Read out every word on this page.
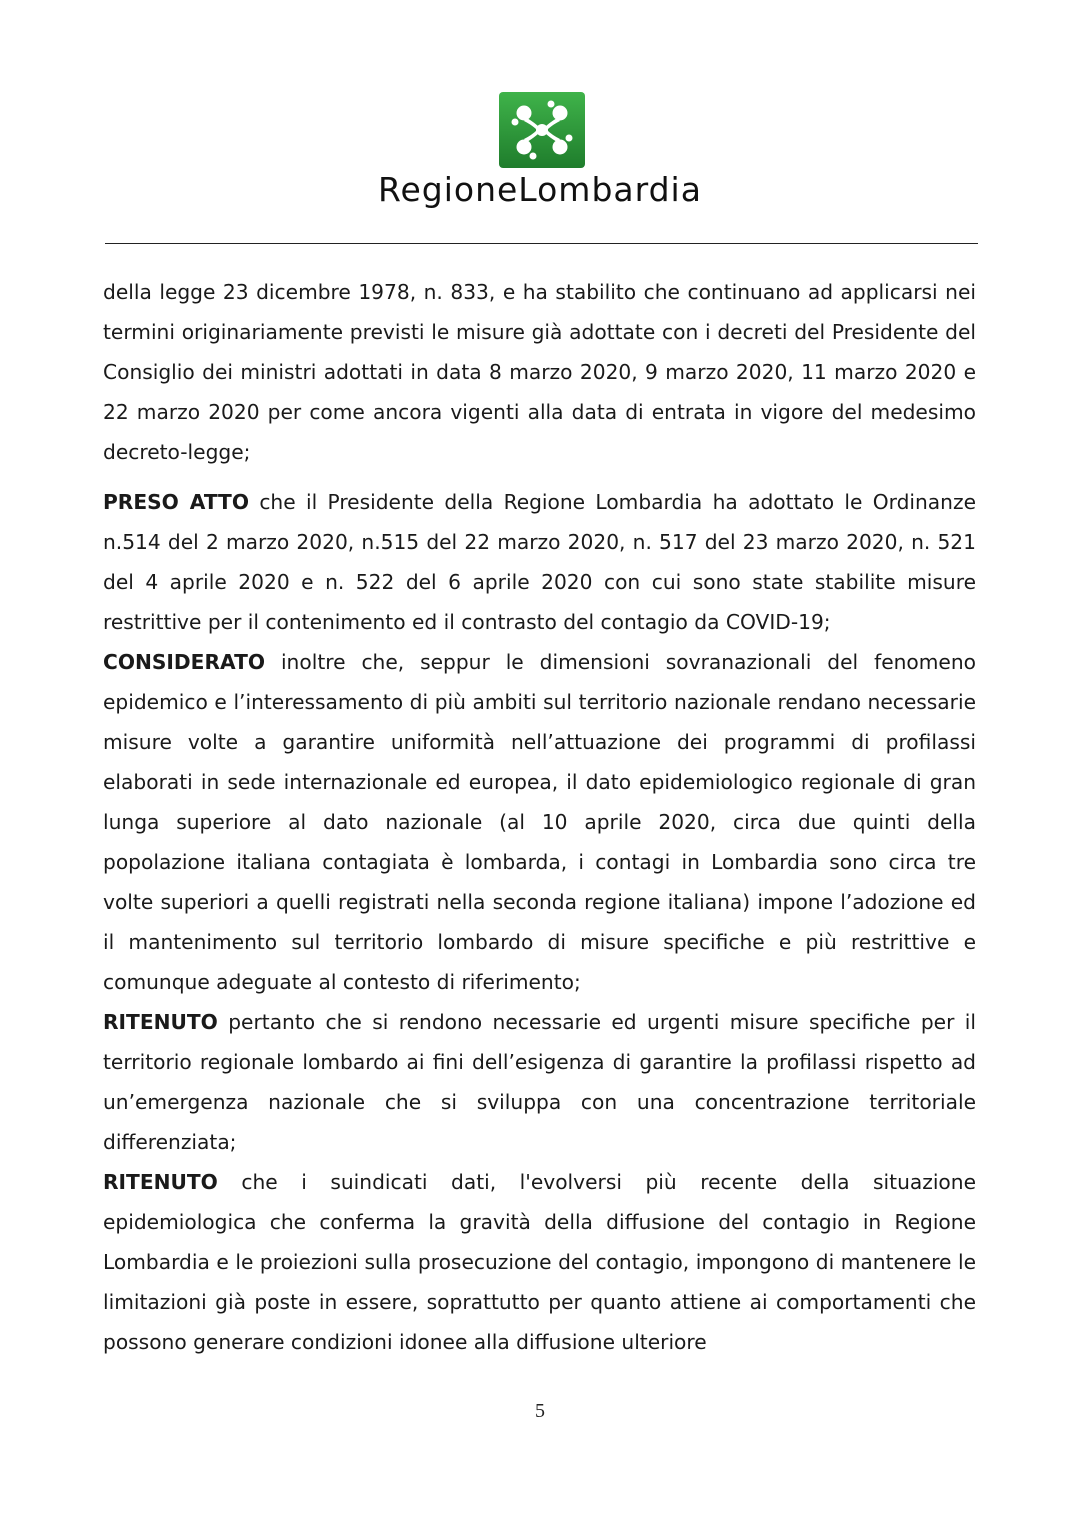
RegioneLombardia

della legge 23 dicembre 1978, n. 833, e ha stabilito che continuano ad applicarsi nei termini originariamente previsti le misure già adottate con i decreti del Presidente del Consiglio dei ministri adottati in data 8 marzo 2020, 9 marzo 2020, 11 marzo 2020 e 22 marzo 2020 per come ancora vigenti alla data di entrata in vigore del medesimo decreto-legge;

PRESO ATTO che il Presidente della Regione Lombardia ha adottato le Ordinanze n.514 del 2 marzo 2020, n.515 del 22 marzo 2020, n. 517 del 23 marzo 2020, n. 521 del 4 aprile 2020 e n. 522 del 6 aprile 2020 con cui sono state stabilite misure restrittive per il contenimento ed il contrasto del contagio da COVID-19;

CONSIDERATO inoltre che, seppur le dimensioni sovranazionali del fenomeno epidemico e l’interessamento di più ambiti sul territorio nazionale rendano necessarie misure volte a garantire uniformità nell’attuazione dei programmi di profilassi elaborati in sede internazionale ed europea, il dato epidemiologico regionale di gran lunga superiore al dato nazionale (al 10 aprile 2020, circa due quinti della popolazione italiana contagiata è lombarda, i contagi in Lombardia sono circa tre volte superiori a quelli registrati nella seconda regione italiana) impone l’adozione ed il mantenimento sul territorio lombardo di misure specifiche e più restrittive e comunque adeguate al contesto di riferimento;

RITENUTO pertanto che si rendono necessarie ed urgenti misure specifiche per il territorio regionale lombardo ai fini dell’esigenza di garantire la profilassi rispetto ad un’emergenza nazionale che si sviluppa con una concentrazione territoriale differenziata;

RITENUTO che i suindicati dati, l'evolversi più recente della situazione epidemiologica che conferma la gravità della diffusione del contagio in Regione Lombardia e le proiezioni sulla prosecuzione del contagio, impongono di mantenere le limitazioni già poste in essere, soprattutto per quanto attiene ai comportamenti che possono generare condizioni idonee alla diffusione ulteriore

5
